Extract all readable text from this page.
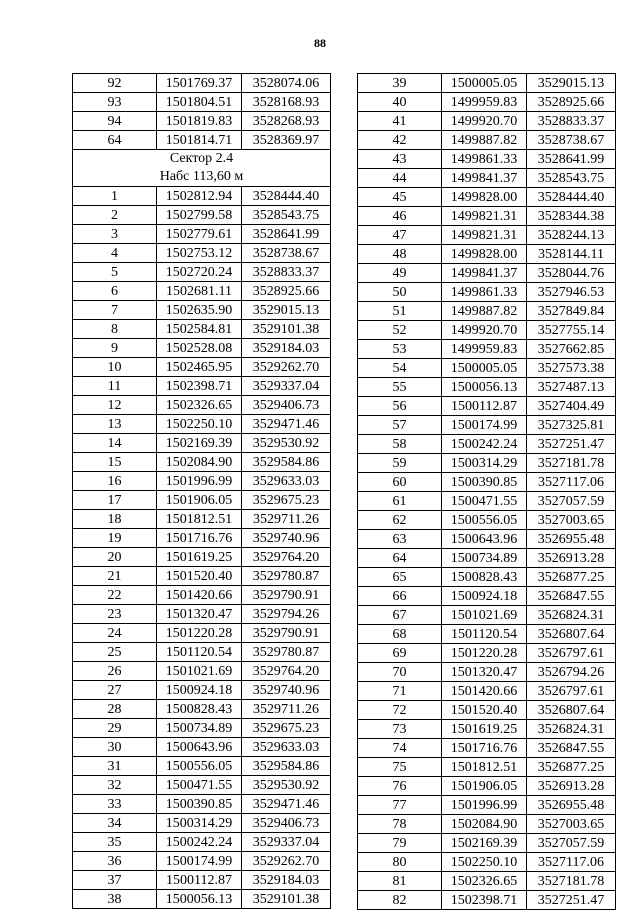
88
92	1501769.37	3528074.06
93	1501804.51	3528168.93
94	1501819.83	3528268.93
64	1501814.71	3528369.97

Сектор 2.4
Набс 113,60 м		

1	1502812.94	3528444.40
2	1502799.58	3528543.75
3	1502779.61	3528641.99
4	1502753.12	3528738.67
5	1502720.24	3528833.37
6	1502681.11	3528925.66
7	1502635.90	3529015.13
8	1502584.81	3529101.38
9	1502528.08	3529184.03
10	1502465.95	3529262.70
11	1502398.71	3529337.04
12	1502326.65	3529406.73
13	1502250.10	3529471.46
14	1502169.39	3529530.92
15	1502084.90	3529584.86
16	1501996.99	3529633.03
17	1501906.05	3529675.23
18	1501812.51	3529711.26
19	1501716.76	3529740.96
20	1501619.25	3529764.20
21	1501520.40	3529780.87
22	1501420.66	3529790.91
23	1501320.47	3529794.26
24	1501220.28	3529790.91
25	1501120.54	3529780.87
26	1501021.69	3529764.20
27	1500924.18	3529740.96
28	1500828.43	3529711.26
29	1500734.89	3529675.23
30	1500643.96	3529633.03
31	1500556.05	3529584.86
32	1500471.55	3529530.92
33	1500390.85	3529471.46
34	1500314.29	3529406.73
35	1500242.24	3529337.04
36	1500174.99	3529262.70
37	1500112.87	3529184.03
38	1500056.13	3529101.38
39	1500005.05	3529015.13
40	1499959.83	3528925.66
41	1499920.70	3528833.37
42	1499887.82	3528738.67
43	1499861.33	3528641.99
44	1499841.37	3528543.75
45	1499828.00	3528444.40
46	1499821.31	3528344.38
47	1499821.31	3528244.13
48	1499828.00	3528144.11
49	1499841.37	3528044.76
50	1499861.33	3527946.53
51	1499887.82	3527849.84
52	1499920.70	3527755.14
53	1499959.83	3527662.85
54	1500005.05	3527573.38
55	1500056.13	3527487.13
56	1500112.87	3527404.49
57	1500174.99	3527325.81
58	1500242.24	3527251.47
59	1500314.29	3527181.78
60	1500390.85	3527117.06
61	1500471.55	3527057.59
62	1500556.05	3527003.65
63	1500643.96	3526955.48
64	1500734.89	3526913.28
65	1500828.43	3526877.25
66	1500924.18	3526847.55
67	1501021.69	3526824.31
68	1501120.54	3526807.64
69	1501220.28	3526797.61
70	1501320.47	3526794.26
71	1501420.66	3526797.61
72	1501520.40	3526807.64
73	1501619.25	3526824.31
74	1501716.76	3526847.55
75	1501812.51	3526877.25
76	1501906.05	3526913.28
77	1501996.99	3526955.48
78	1502084.90	3527003.65
79	1502169.39	3527057.59
80	1502250.10	3527117.06
81	1502326.65	3527181.78
82	1502398.71	3527251.47
